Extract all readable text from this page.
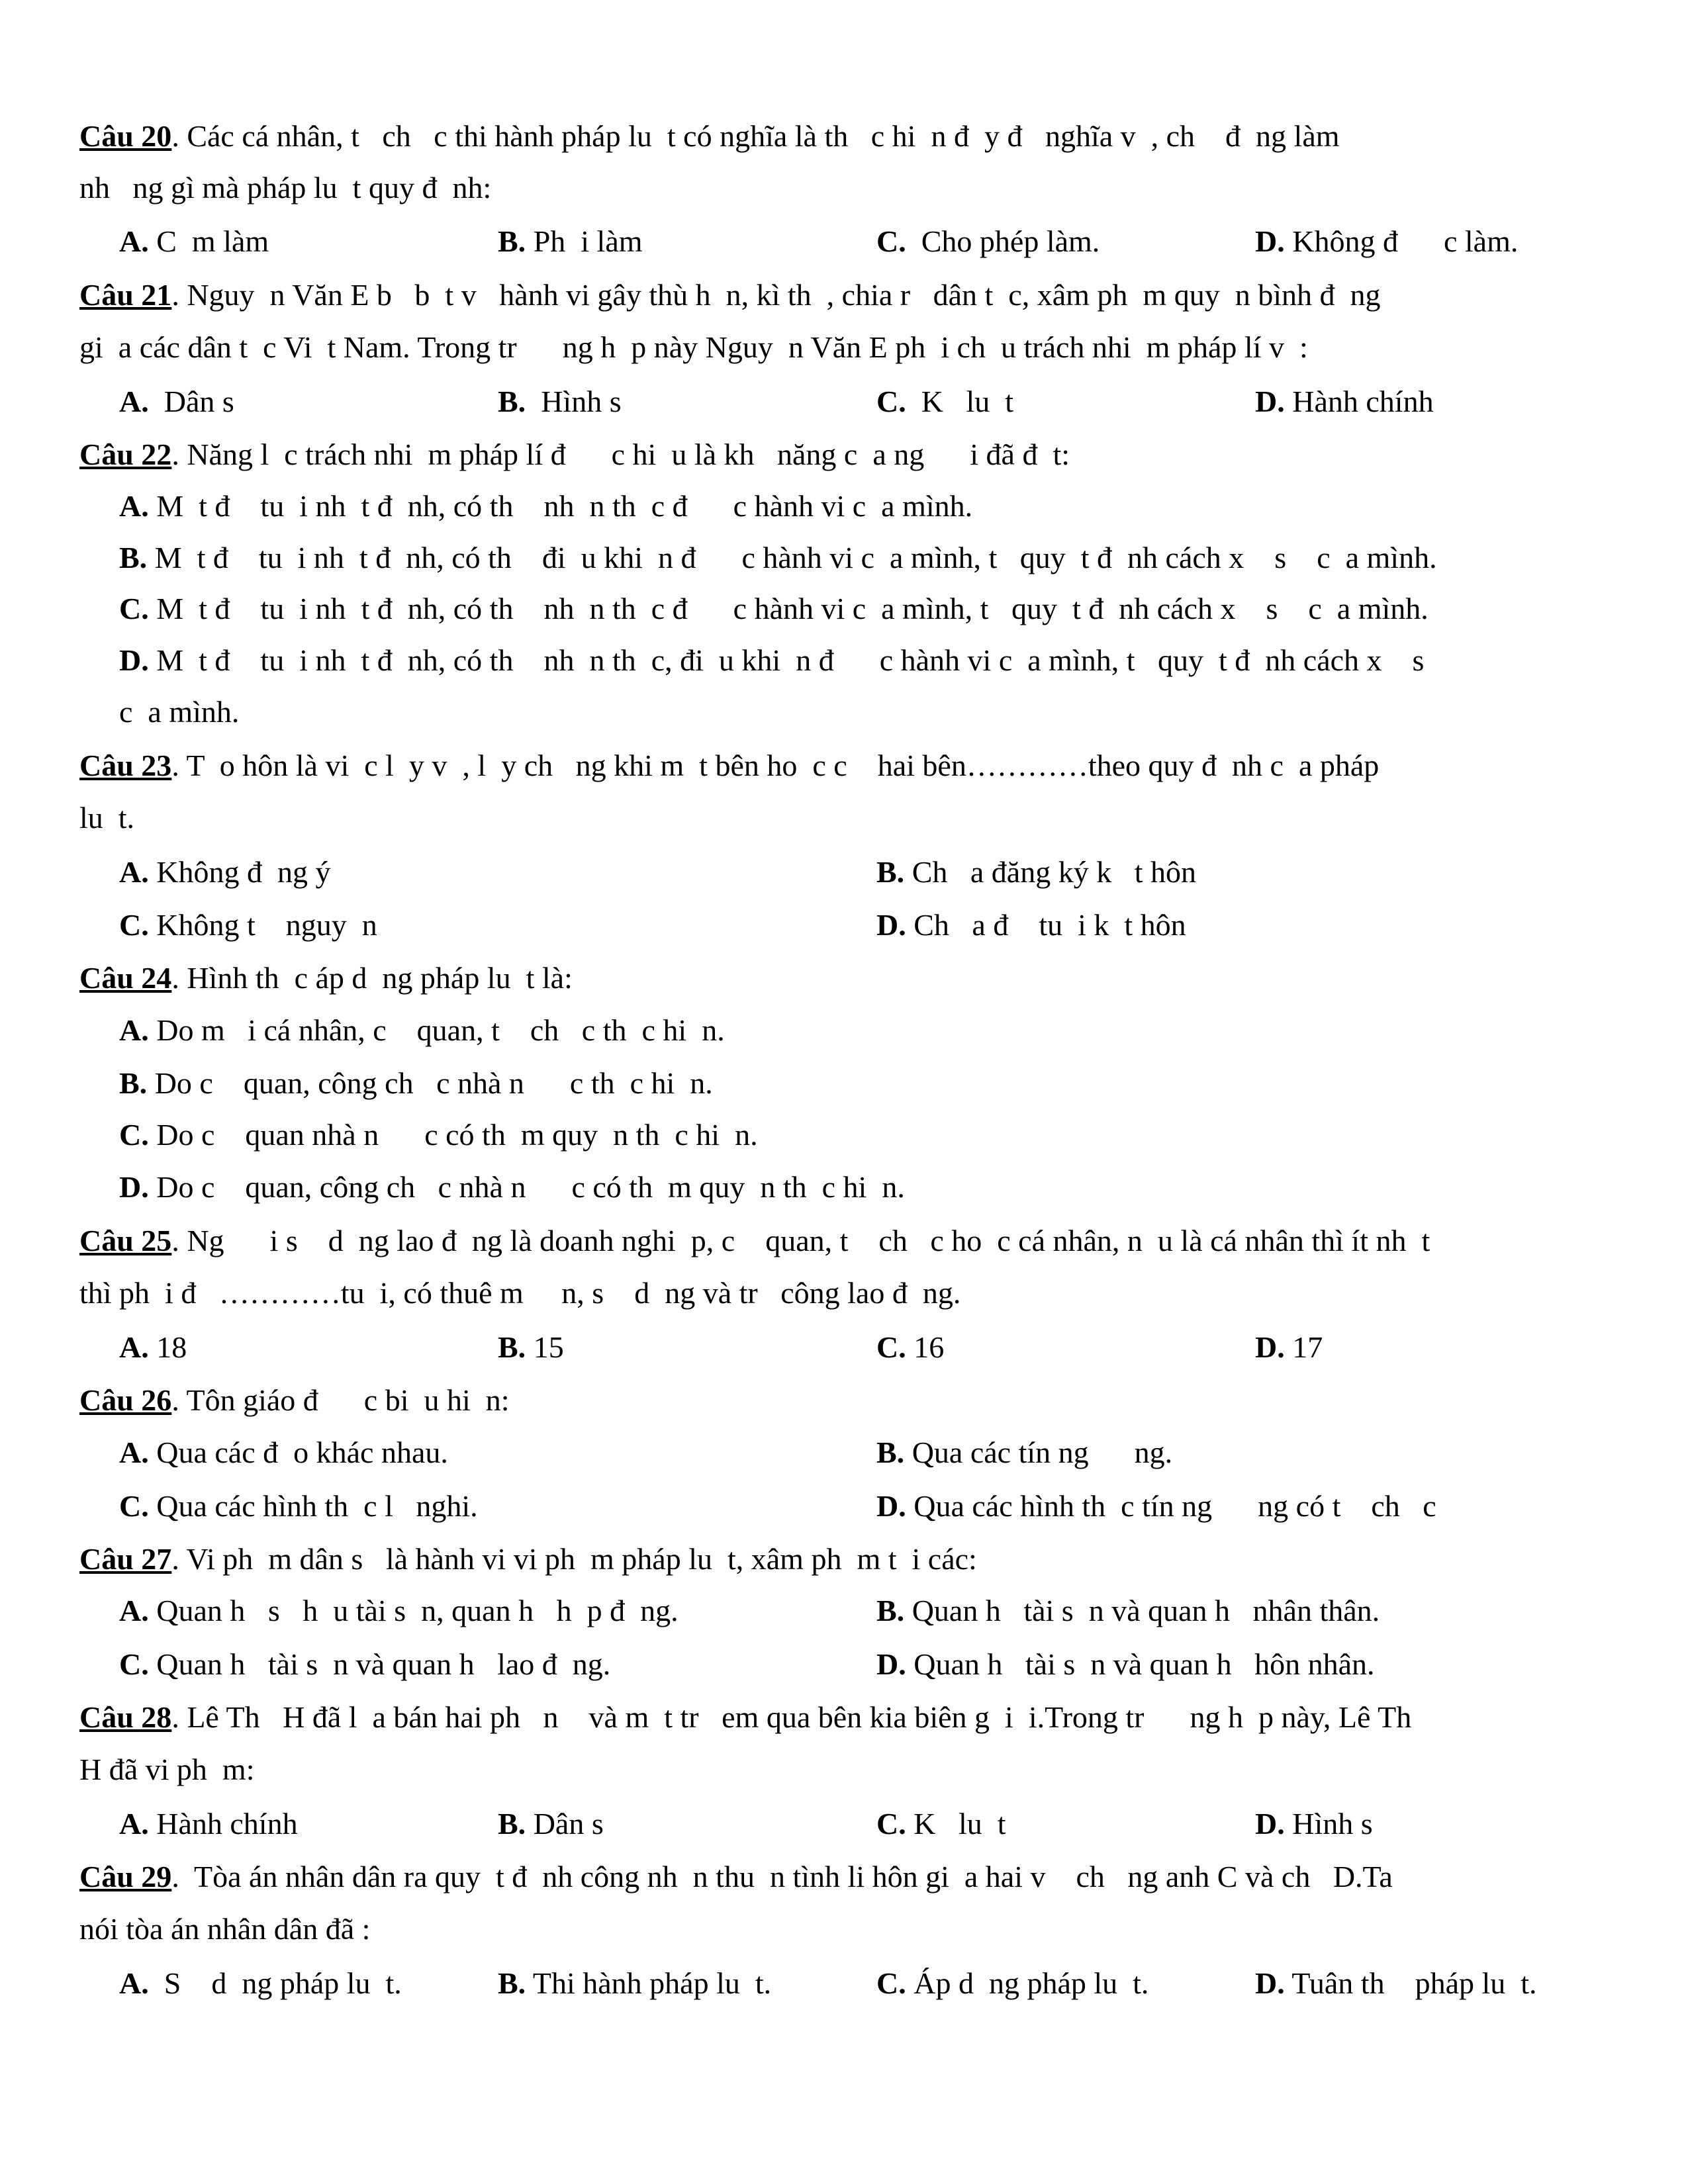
Câu 20. Các cá nhân, t   ch   c thi hành pháp lu  t có nghĩa là th   c hi  n đ  y đ   nghĩa v  , ch    đ  ng làm
nh   ng gì mà pháp lu  t quy đ  nh:
A. C  m làm	B. Ph  i làm	C.  Cho phép làm.	D. Không đ      c làm.
Câu 21. Nguy  n Văn E b   b  t v   hành vi gây thù h  n, kì th  , chia r   dân t  c, xâm ph  m quy  n bình đ  ng
gi  a các dân t  c Vi  t Nam. Trong tr      ng h  p này Nguy  n Văn E ph  i ch  u trách nhi  m pháp lí v  :
A.  Dân s	B.  Hình s	C.  K   lu  t	D. Hành chính
Câu 22. Năng l  c trách nhi  m pháp lí đ      c hi  u là kh   năng c  a ng      i đã đ  t:
A. M  t đ    tu  i nh  t đ  nh, có th    nh  n th  c đ      c hành vi c  a mình.
B. M  t đ    tu  i nh  t đ  nh, có th    đi  u khi  n đ      c hành vi c  a mình, t   quy  t đ  nh cách x    s    c  a mình.
C. M  t đ    tu  i nh  t đ  nh, có th    nh  n th  c đ      c hành vi c  a mình, t   quy  t đ  nh cách x    s    c  a mình.
D. M  t đ    tu  i nh  t đ  nh, có th    nh  n th  c, đi  u khi  n đ      c hành vi c  a mình, t   quy  t đ  nh cách x    s
c  a mình.
Câu 23. T  o hôn là vi  c l  y v  , l  y ch   ng khi m  t bên ho  c c    hai bên…………theo quy đ  nh c  a pháp
lu  t.
A. Không đ  ng ý	B. Ch   a đăng ký k   t hôn
C. Không t    nguy  n	D. Ch   a đ    tu  i k  t hôn
Câu 24. Hình th  c áp d  ng pháp lu  t là:
A. Do m   i cá nhân, c    quan, t    ch   c th  c hi  n.
B. Do c    quan, công ch   c nhà n      c th  c hi  n.
C. Do c    quan nhà n      c có th  m quy  n th  c hi  n.
D. Do c    quan, công ch   c nhà n      c có th  m quy  n th  c hi  n.
Câu 25. Ng      i s    d  ng lao đ  ng là doanh nghi  p, c    quan, t    ch   c ho  c cá nhân, n  u là cá nhân thì ít nh  t
thì ph  i đ   …………tu  i, có thuê m     n, s    d  ng và tr   công lao đ  ng.
A. 18	B. 15	C. 16	D. 17
Câu 26. Tôn giáo đ      c bi  u hi  n:
A. Qua các đ  o khác nhau.	B. Qua các tín ng      ng.
C. Qua các hình th  c l   nghi.	D. Qua các hình th  c tín ng      ng có t    ch   c
Câu 27. Vi ph  m dân s   là hành vi vi ph  m pháp lu  t, xâm ph  m t  i các:
A. Quan h   s   h  u tài s  n, quan h   h  p đ  ng.	B. Quan h   tài s  n và quan h   nhân thân.
C. Quan h   tài s  n và quan h   lao đ  ng.	D. Quan h   tài s  n và quan h   hôn nhân.
Câu 28. Lê Th   H đã l  a bán hai ph   n    và m  t tr   em qua bên kia biên g  i  i.Trong tr      ng h  p này, Lê Th
H đã vi ph  m:
A. Hành chính	B. Dân s	C. K   lu  t	D. Hình s
Câu 29.  Tòa án nhân dân ra quy  t đ  nh công nh  n thu  n tình li hôn gi  a hai v    ch   ng anh C và ch   D.Ta
nói tòa án nhân dân đã :
A.  S    d  ng pháp lu  t.	B. Thi hành pháp lu  t.	C. Áp d  ng pháp lu  t.	D. Tuân th    pháp lu  t.
